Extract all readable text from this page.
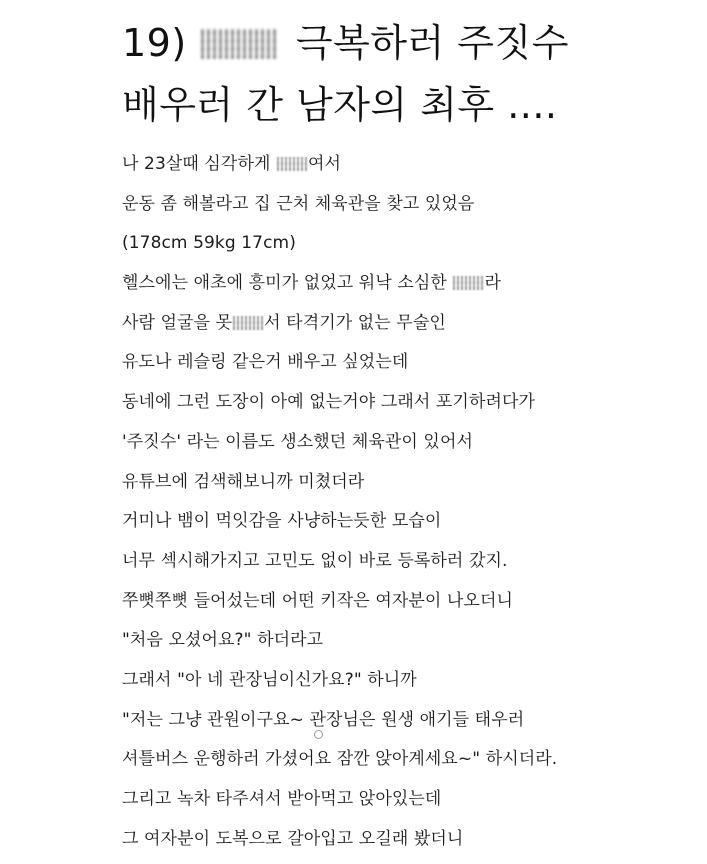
19)	극복하러 주짓수
배우러 간 남자의 최후 ....
나 23살때 심각하게 여서
운동 좀 해볼라고 집 근처 체육관을 찾고 있었음
(178cm 59kg 17cm)
헬스에는 애초에 흥미가 없었고 워낙 소심한 라
사람 얼굴을 못 서 타격기가 없는 무술인
유도나 레슬링 같은거 배우고 싶었는데
동네에 그런 도장이 아예 없는거야 그래서 포기하려다가
'주짓수' 라는 이름도 생소했던 체육관이 있어서
유튜브에 검색해보니까 미쳤더라
거미나 뱀이 먹잇감을 사냥하는듯한 모습이
너무 섹시해가지고 고민도 없이 바로 등록하러 갔지.
쭈뼛쭈뼛 들어섰는데 어떤 키작은 여자분이 나오더니
"처음 오셨어요?" 하더라고
그래서 "아 네 관장님이신가요?" 하니까
"저는 그냥 관원이구요~ 관장님은 원생 애기들 태우러
셔틀버스 운행하러 가셨어요 잠깐 앉아계세요~" 하시더라.
그리고 녹차 타주셔서 받아먹고 앉아있는데
그 여자분이 도복으로 갈아입고 오길래 봤더니
